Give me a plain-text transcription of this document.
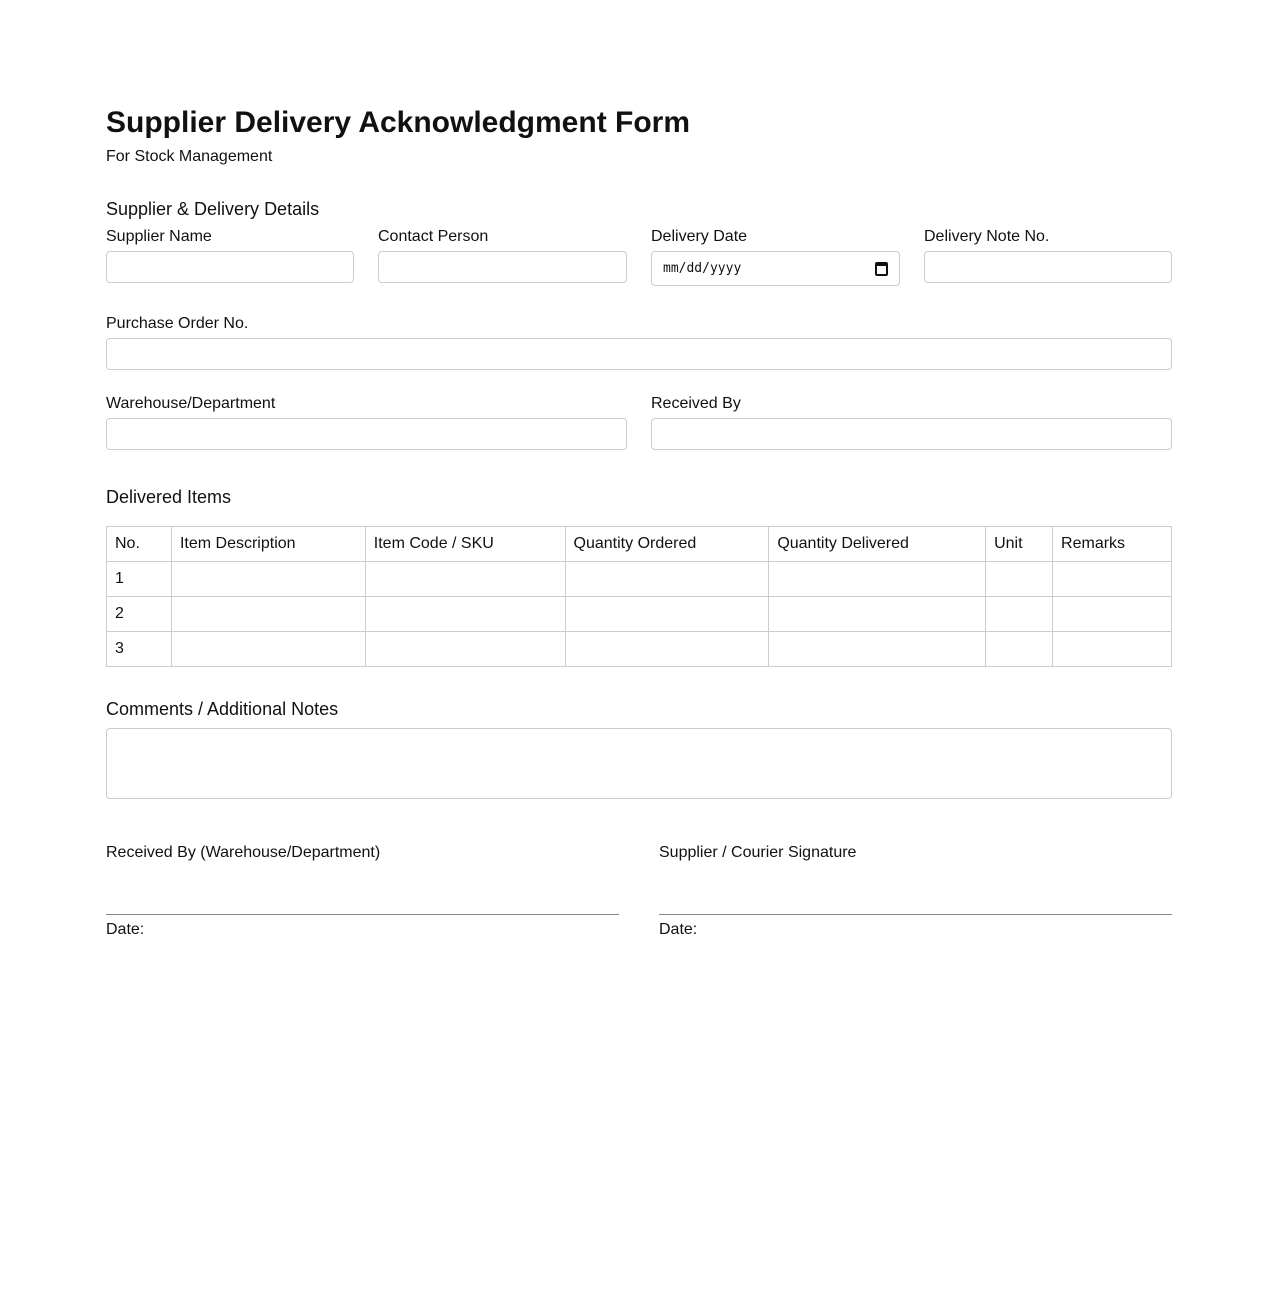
Supplier Delivery Acknowledgment Form
For Stock Management
Supplier & Delivery Details
Supplier Name	Contact Person	Delivery Date
mm/dd/yyyy
Delivery Note No.
Purchase Order No.
Warehouse/Department	Received By
Delivered Items
No.	Item Description	Item Code / SKU	Quantity Ordered	Quantity Delivered	Unit	Remarks
1						
2						
3						
Comments / Additional Notes
Received By (Warehouse/Department)
Date:
Supplier / Courier Signature
Date:
